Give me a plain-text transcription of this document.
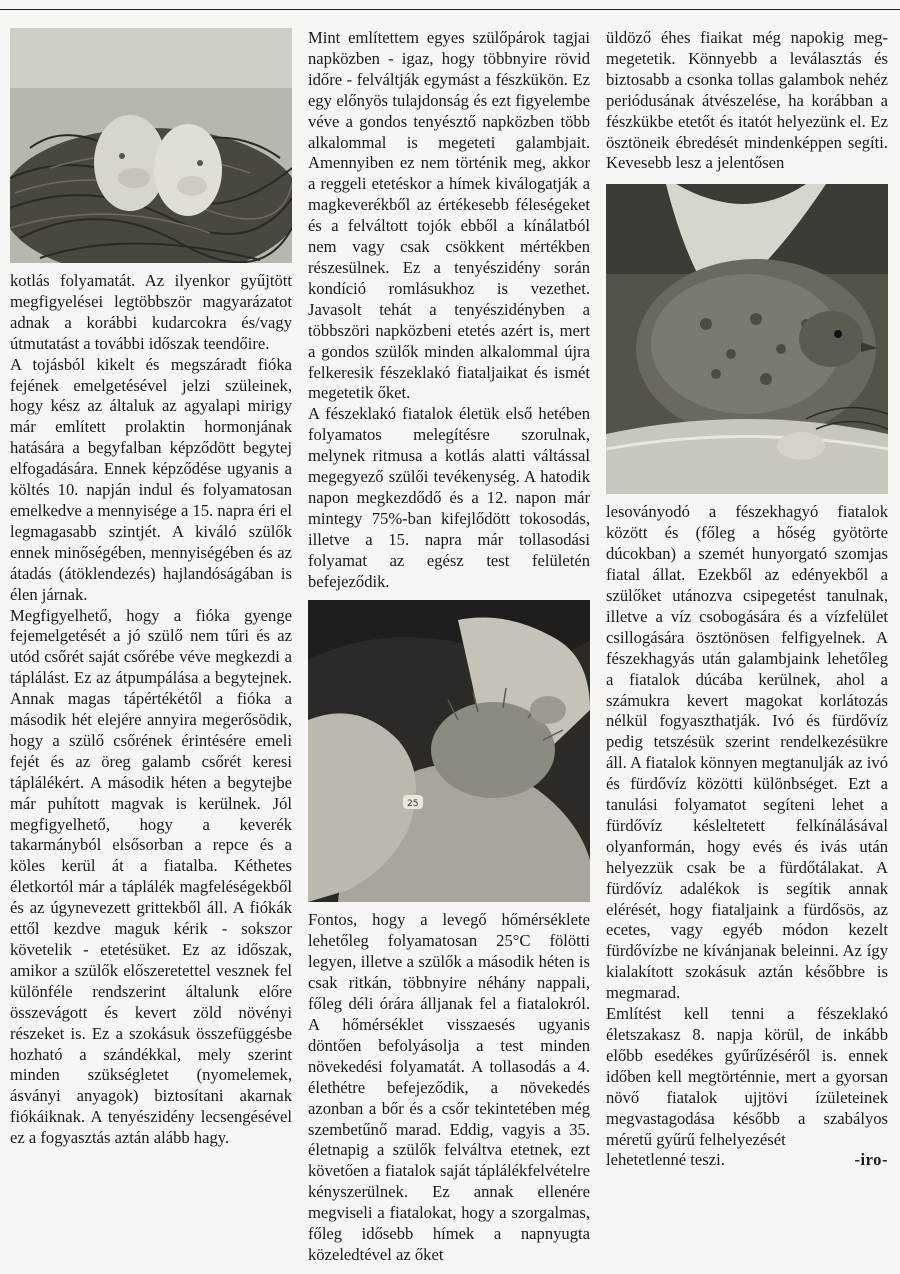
kotlás folyamatát. Az ilyenkor gyűjtött megfigyelései legtöbbször magyarázatot adnak a korábbi kudarcokra és/vagy útmutatást a további időszak teendőire.

A tojásból kikelt és megszáradt fióka fejének emelgetésével jelzi szüleinek, hogy kész az általuk az agyalapi mirigy már említett prolaktin hormonjának hatására a begyfalban képződött begytej elfogadására. Ennek képződése ugyanis a költés 10. napján indul és folyamatosan emelkedve a mennyisége a 15. napra éri el legmagasabb szintjét. A kiváló szülők ennek minőségében, mennyiségében és az átadás (átöklendezés) hajlandóságában is élen járnak.

Megfigyelhető, hogy a fióka gyenge fejemelgetését a jó szülő nem tűri és az utód csőrét saját csőrébe véve megkezdi a táplálást. Ez az átpumpálása a begytejnek. Annak magas tápértékétől a fióka a második hét elejére annyira megerősödik, hogy a szülő csőrének érintésére emeli fejét és az öreg galamb csőrét keresi táplálékért. A második héten a begytejbe már puhított magvak is kerülnek. Jól megfigyelhető, hogy a keverék takarmányból elsősorban a repce és a köles kerül át a fiatalba. Kéthetes életkortól már a táplálék magfeléségekből és az úgynevezett grittekből áll. A fiókák ettől kezdve maguk kérik - sokszor követelik - etetésüket. Ez az időszak, amikor a szülők előszeretettel vesznek fel különféle rendszerint általunk előre összevágott és kevert zöld növényi részeket is. Ez a szokásuk összefüggésbe hozható a szándékkal, mely szerint minden szükségletet (nyomelemek, ásványi anyagok) biztosítani akarnak fiókáiknak. A tenyészidény lecsengésével ez a fogyasztás aztán alább hagy.

Mint említettem egyes szülőpárok tagjai napközben - igaz, hogy többnyire rövid időre - felváltják egymást a fészkükön. Ez egy előnyös tulajdonság és ezt figyelembe véve a gondos tenyésztő napközben több alkalommal is megeteti galambjait. Amennyiben ez nem történik meg, akkor a reggeli etetéskor a hímek kiválogatják a magkeverékből az értékesebb féleségeket és a felváltott tojók ebből a kínálatból nem vagy csak csökkent mértékben részesülnek. Ez a tenyészidény során kondíció romlásukhoz is vezethet. Javasolt tehát a tenyészidényben a többszöri napközbeni etetés azért is, mert a gondos szülők minden alkalommal újra felkeresik fészeklakó fiataljaikat és ismét megetetik őket.

A fészeklakó fiatalok életük első hetében folyamatos melegítésre szorulnak, melynek ritmusa a kotlás alatti váltással megegyező szülői tevékenység. A hatodik napon megkezdődő és a 12. napon már mintegy 75%-ban kifejlődött tokosodás, illetve a 15. napra már tollasodási folyamat az egész test felületén befejeződik.

25

Fontos, hogy a levegő hőmérséklete lehetőleg folyamatosan 25°C fölötti legyen, illetve a szülők a második héten is csak ritkán, többnyire néhány nappali, főleg déli órára álljanak fel a fiatalokról. A hőmérséklet visszaesés ugyanis döntően befolyásolja a test minden növekedési folyamatát. A tollasodás a 4. élethétre befejeződik, a növekedés azonban a bőr és a csőr tekintetében még szembetűnő marad. Eddig, vagyis a 35. életnapig a szülők felváltva etetnek, ezt követően a fiatalok saját táplálékfelvételre kényszerülnek. Ez annak ellenére megviseli a fiatalokat, hogy a szorgalmas, főleg idősebb hímek a napnyugta közeledtével az őket

üldöző éhes fiaikat még napokig meg-megetetik. Könnyebb a leválasztás és biztosabb a csonka tollas galambok nehéz periódusának átvészelése, ha korábban a fészkükbe etetőt és itatót helyezünk el. Ez ösztöneik ébredését mindenképpen segíti. Kevesebb lesz a jelentősen

lesoványodó a fészekhagyó fiatalok között és (főleg a hőség gyötörte dúcokban) a szemét hunyorgató szomjas fiatal állat. Ezekből az edényekből a szülőket utánozva csipegetést tanulnak, illetve a víz csobogására és a vízfelület csillogására ösztönösen felfigyelnek. A fészekhagyás után galambjaink lehetőleg a fiatalok dúcába kerülnek, ahol a számukra kevert magokat korlátozás nélkül fogyaszthatják. Ivó és fürdővíz pedig tetszésük szerint rendelkezésükre áll. A fiatalok könnyen megtanulják az ivó és fürdővíz közötti különbséget. Ezt a tanulási folyamatot segíteni lehet a fürdővíz késleltetett felkínálásával olyanformán, hogy evés és ivás után helyezzük csak be a fürdőtálakat. A fürdővíz adalékok is segítik annak elérését, hogy fiataljaink a fürdősös, az ecetes, vagy egyéb módon kezelt fürdővízbe ne kívánjanak beleinni. Az így kialakított szokásuk aztán későbbre is megmarad.

Említést kell tenni a fészeklakó életszakasz 8. napja körül, de inkább előbb esedékes gyűrűzéséről is. ennek időben kell megtörténnie, mert a gyorsan növő fiatalok ujjtövi ízületeinek megvastagodása később a szabályos méretű gyűrű felhelyezését

lehetetlenné teszi.	-iro-
